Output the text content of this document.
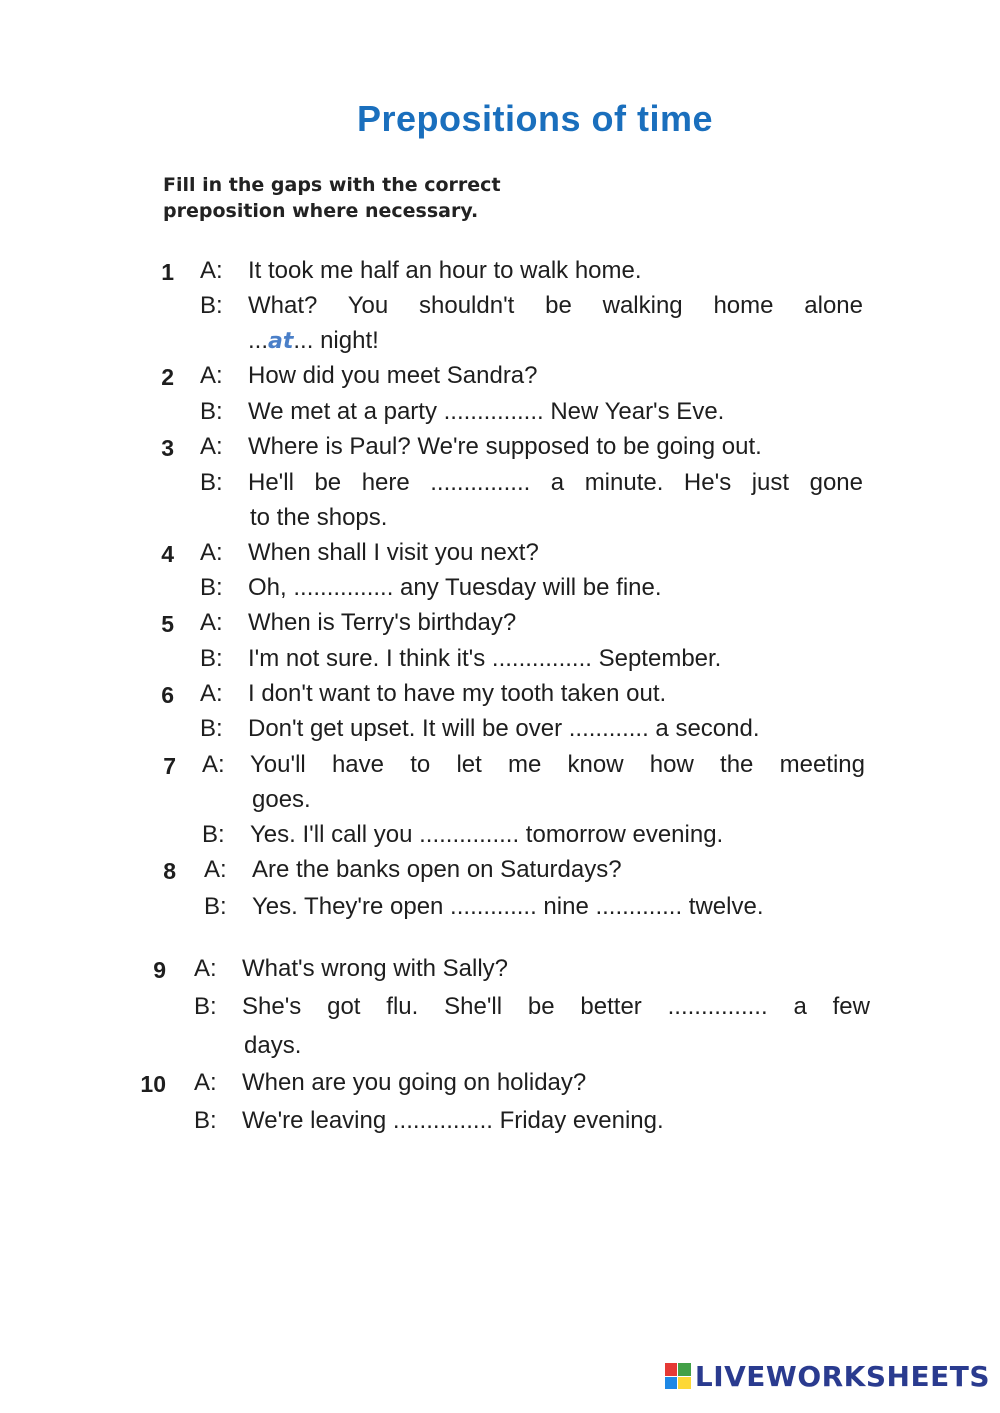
Prepositions of time
Fill in the gaps with the correct preposition where necessary.
1 A:	It took me half an hour to walk home.
B:	What? You shouldn't be walking home alone
...at... night!
2 A:	How did you meet Sandra?
B:	We met at a party ............... New Year's Eve.
3 A:	Where is Paul? We're supposed to be going out.
B:	He'll be here ............... a minute. He's just gone
to the shops.
4 A:	When shall I visit you next?
B:	Oh, ............... any Tuesday will be fine.
5 A:	When is Terry's birthday?
B:	I'm not sure. I think it's ............... September.
6 A:	I don't want to have my tooth taken out.
B:	Don't get upset. It will be over ............ a second.
7 A:	You'll have to let me know how the meeting
goes.
B:	Yes. I'll call you ............... tomorrow evening.
8 A:	Are the banks open on Saturdays?
B:	Yes. They're open ............. nine ............. twelve.
9 A:	What's wrong with Sally?
B:	She's got flu. She'll be better ............... a few
days.
10 A:	When are you going on holiday?
B:	We're leaving ............... Friday evening.
LIVEWORKSHEETS
